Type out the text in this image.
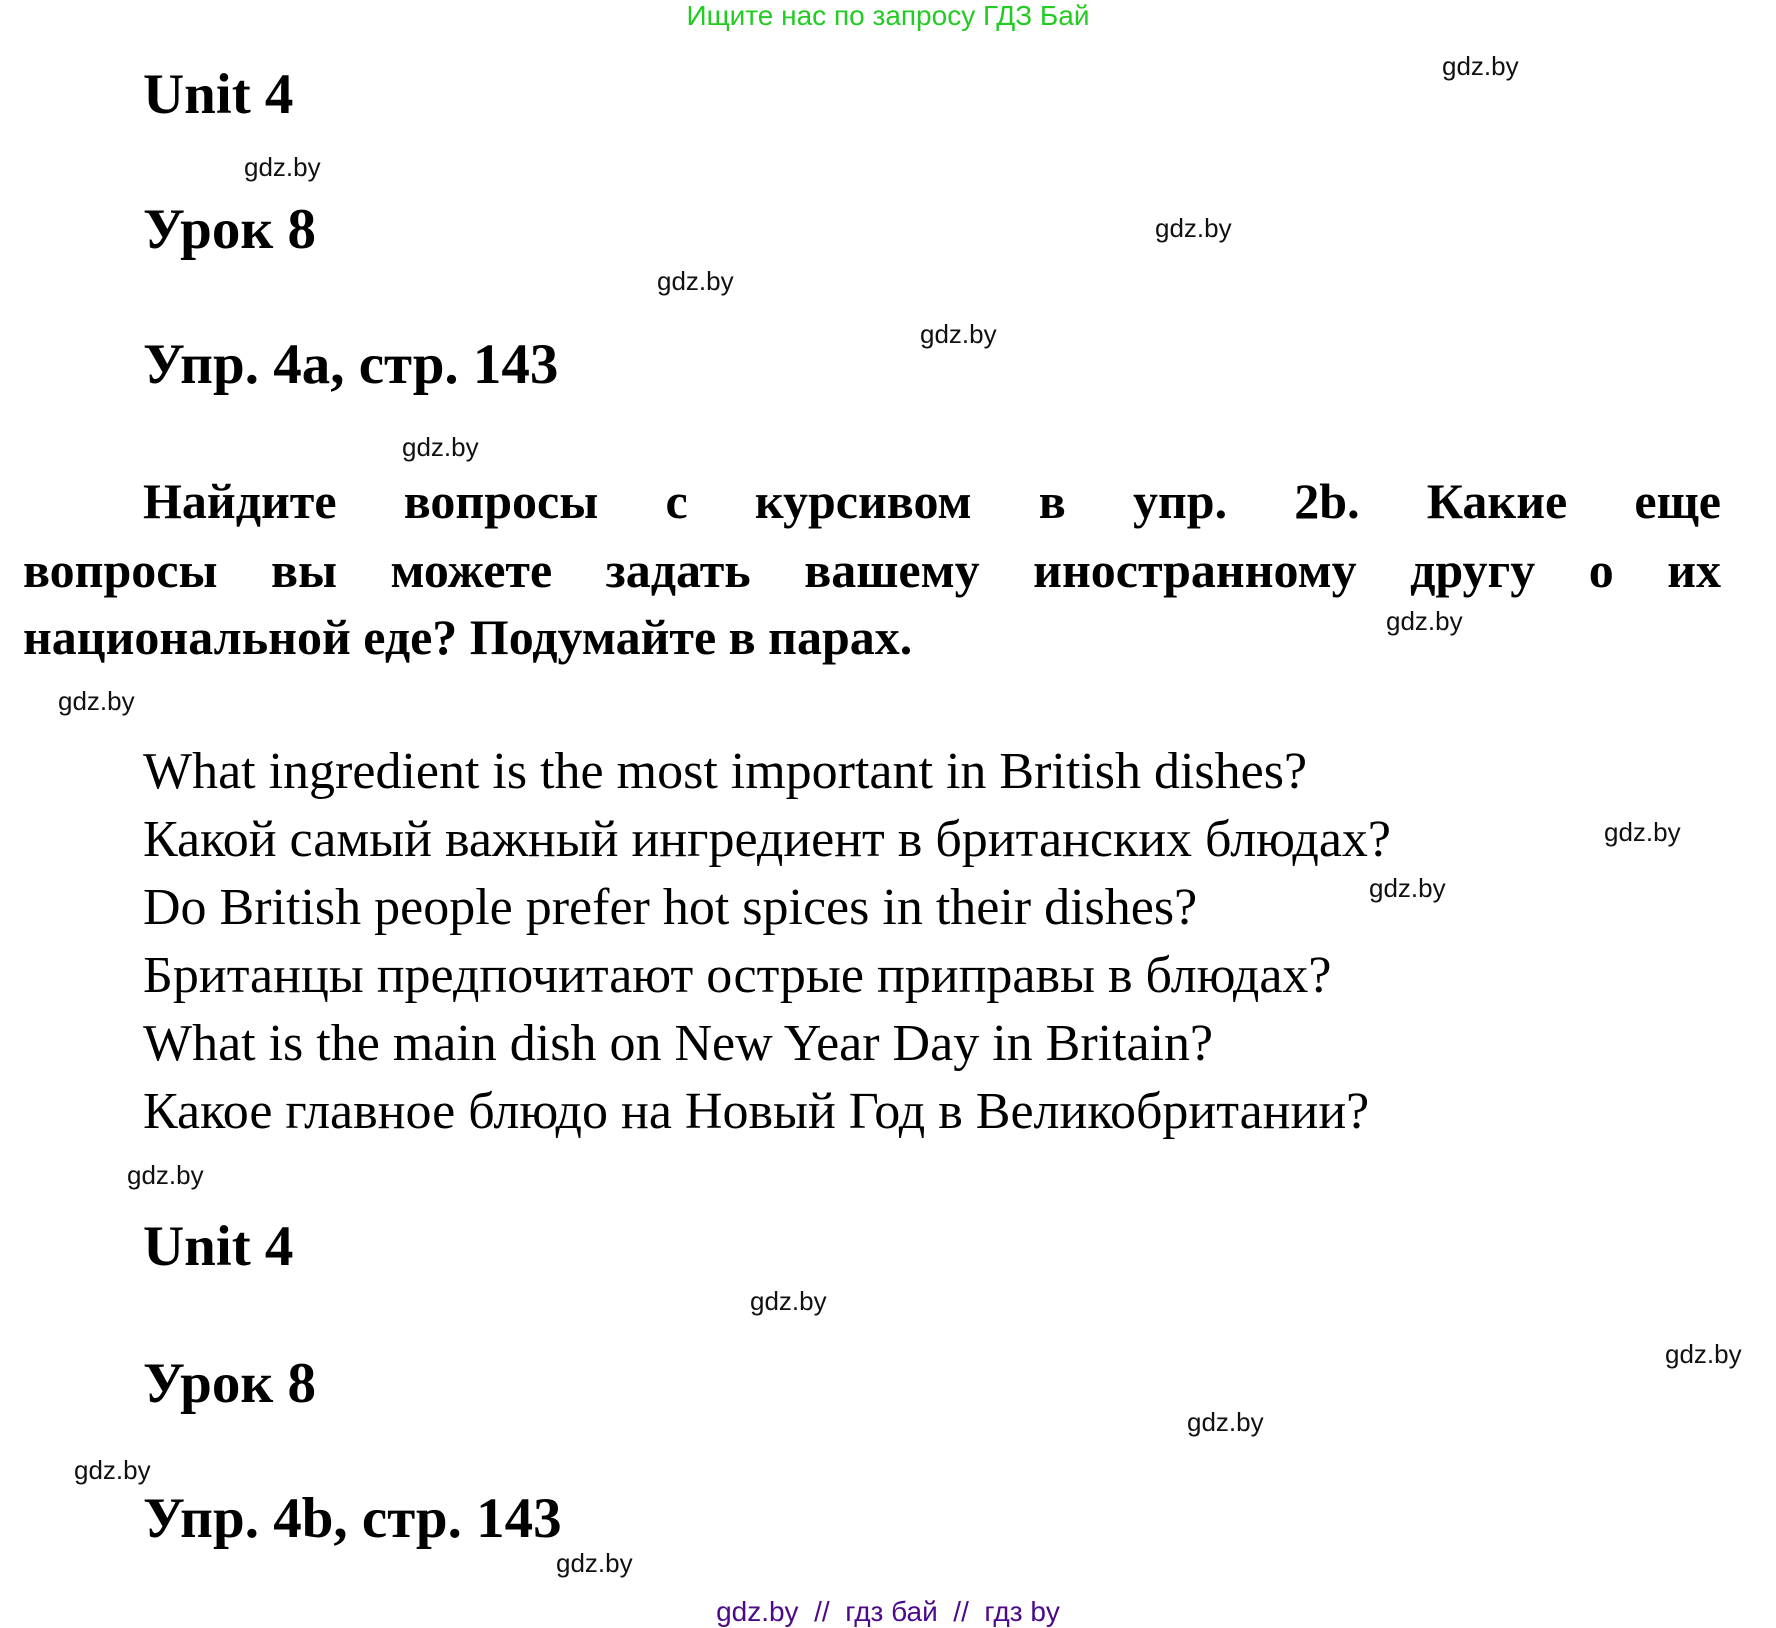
Ищите нас по запросу ГДЗ Бай
Unit 4
Урок 8
Упр. 4a, стр. 143
Найдите вопросы с курсивом в упр. 2b. Какие еще
вопросы вы можете задать вашему иностранному другу о их
национальной еде? Подумайте в парах.
What ingredient is the most important in British dishes?
Какой самый важный ингредиент в британских блюдах?
Do British people prefer hot spices in their dishes?
Британцы предпочитают острые приправы в блюдах?
What is the main dish on New Year Day in Britain?
Какое главное блюдо на Новый Год в Великобритании?
Unit 4
Урок 8
Упр. 4b, стр. 143
gdz.by
gdz.by
gdz.by
gdz.by
gdz.by
gdz.by
gdz.by
gdz.by
gdz.by
gdz.by
gdz.by
gdz.by
gdz.by
gdz.by
gdz.by
gdz.by
gdz.by  //  гдз бай  //  гдз by
